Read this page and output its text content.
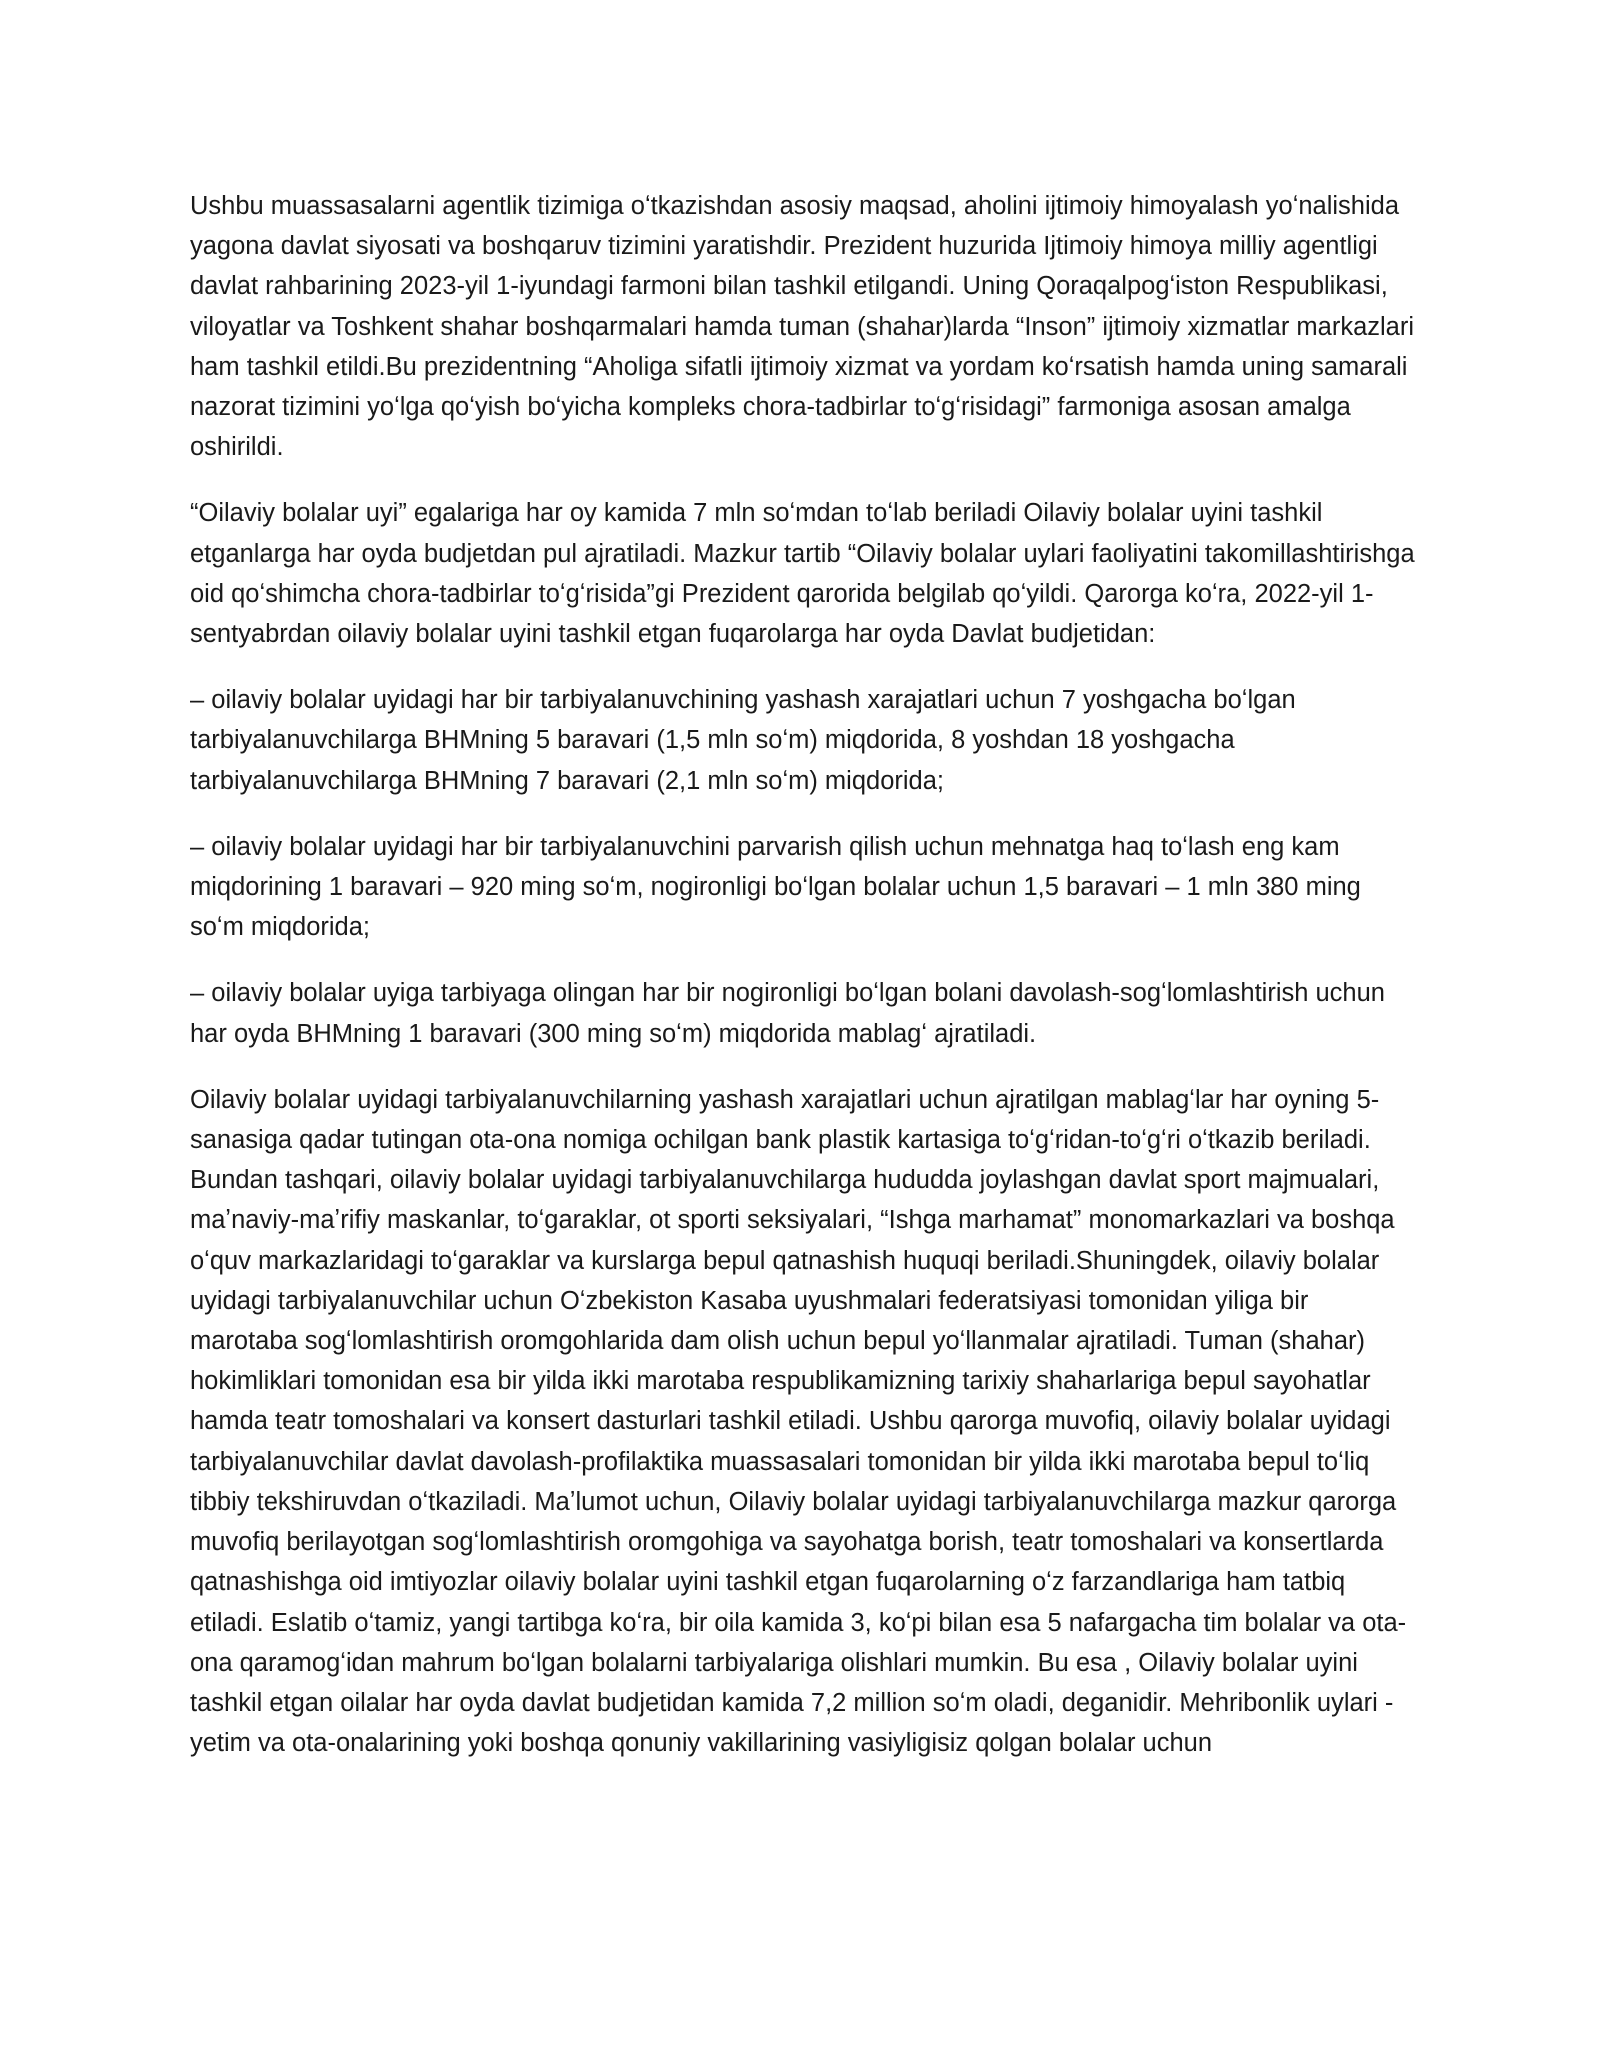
Ushbu muassasalarni agentlik tizimiga oʻtkazishdan asosiy maqsad, aholini ijtimoiy himoyalash yoʻnalishida yagona davlat siyosati va boshqaruv tizimini yaratishdir. Prezident huzurida Ijtimoiy himoya milliy agentligi davlat rahbarining 2023-yil 1-iyundagi farmoni bilan tashkil etilgandi. Uning Qoraqalpogʻiston Respublikasi, viloyatlar va Toshkent shahar boshqarmalari hamda tuman (shahar)larda “Inson” ijtimoiy xizmatlar markazlari ham tashkil etildi.Bu prezidentning “Aholiga sifatli ijtimoiy xizmat va yordam koʻrsatish hamda uning samarali nazorat tizimini yoʻlga qoʻyish boʻyicha kompleks chora-tadbirlar toʻgʻrisidagi” farmoniga asosan amalga oshirildi.

“Oilaviy bolalar uyi” egalariga har oy kamida 7 mln soʻmdan toʻlab beriladi Oilaviy bolalar uyini tashkil etganlarga har oyda budjetdan pul ajratiladi. Mazkur tartib “Oilaviy bolalar uylari faoliyatini takomillashtirishga oid qoʻshimcha chora-tadbirlar toʻgʻrisida”gi Prezident qarorida belgilab qoʻyildi. Qarorga koʻra, 2022-yil 1-sentyabrdan oilaviy bolalar uyini tashkil etgan fuqarolarga har oyda Davlat budjetidan:

– oilaviy bolalar uyidagi har bir tarbiyalanuvchining yashash xarajatlari uchun 7 yoshgacha boʻlgan tarbiyalanuvchilarga BHMning 5 baravari (1,5 mln soʻm) miqdorida, 8 yoshdan 18 yoshgacha tarbiyalanuvchilarga BHMning 7 baravari (2,1 mln soʻm) miqdorida;

– oilaviy bolalar uyidagi har bir tarbiyalanuvchini parvarish qilish uchun mehnatga haq toʻlash eng kam miqdorining 1 baravari – 920 ming soʻm, nogironligi boʻlgan bolalar uchun 1,5 baravari – 1 mln 380 ming soʻm miqdorida;

– oilaviy bolalar uyiga tarbiyaga olingan har bir nogironligi boʻlgan bolani davolash-sogʻlomlashtirish uchun har oyda BHMning 1 baravari (300 ming soʻm) miqdorida mablagʻ ajratiladi.

Oilaviy bolalar uyidagi tarbiyalanuvchilarning yashash xarajatlari uchun ajratilgan mablagʻlar har oyning 5-sanasiga qadar tutingan ota-ona nomiga ochilgan bank plastik kartasiga toʻgʻridan-toʻgʻri oʻtkazib beriladi. Bundan tashqari, oilaviy bolalar uyidagi tarbiyalanuvchilarga hududda joylashgan davlat sport majmualari, maʼnaviy-maʼrifiy maskanlar, toʻgaraklar, ot sporti seksiyalari, “Ishga marhamat” monomarkazlari va boshqa oʻquv markazlaridagi toʻgaraklar va kurslarga bepul qatnashish huquqi beriladi.Shuningdek, oilaviy bolalar uyidagi tarbiyalanuvchilar uchun Oʻzbekiston Kasaba uyushmalari federatsiyasi tomonidan yiliga bir marotaba sogʻlomlashtirish oromgohlarida dam olish uchun bepul yoʻllanmalar ajratiladi. Tuman (shahar) hokimliklari tomonidan esa bir yilda ikki marotaba respublikamizning tarixiy shaharlariga bepul sayohatlar hamda teatr tomoshalari va konsert dasturlari tashkil etiladi. Ushbu qarorga muvofiq, oilaviy bolalar uyidagi tarbiyalanuvchilar davlat davolash-profilaktika muassasalari tomonidan bir yilda ikki marotaba bepul toʻliq tibbiy tekshiruvdan oʻtkaziladi. Maʼlumot uchun, Oilaviy bolalar uyidagi tarbiyalanuvchilarga mazkur qarorga muvofiq berilayotgan sogʻlomlashtirish oromgohiga va sayohatga borish, teatr tomoshalari va konsertlarda qatnashishga oid imtiyozlar oilaviy bolalar uyini tashkil etgan fuqarolarning oʻz farzandlariga ham tatbiq etiladi. Eslatib oʻtamiz, yangi tartibga koʻra, bir oila kamida 3, koʻpi bilan esa 5 nafargacha tim bolalar va ota-ona qaramogʻidan mahrum boʻlgan bolalarni tarbiyalariga olishlari mumkin. Bu esa , Oilaviy bolalar uyini tashkil etgan oilalar har oyda davlat budjetidan kamida 7,2 million soʻm oladi, deganidir. Mehribonlik uylari - yetim va ota-onalarining yoki boshqa qonuniy vakillarining vasiyligisiz qolgan bolalar uchun
